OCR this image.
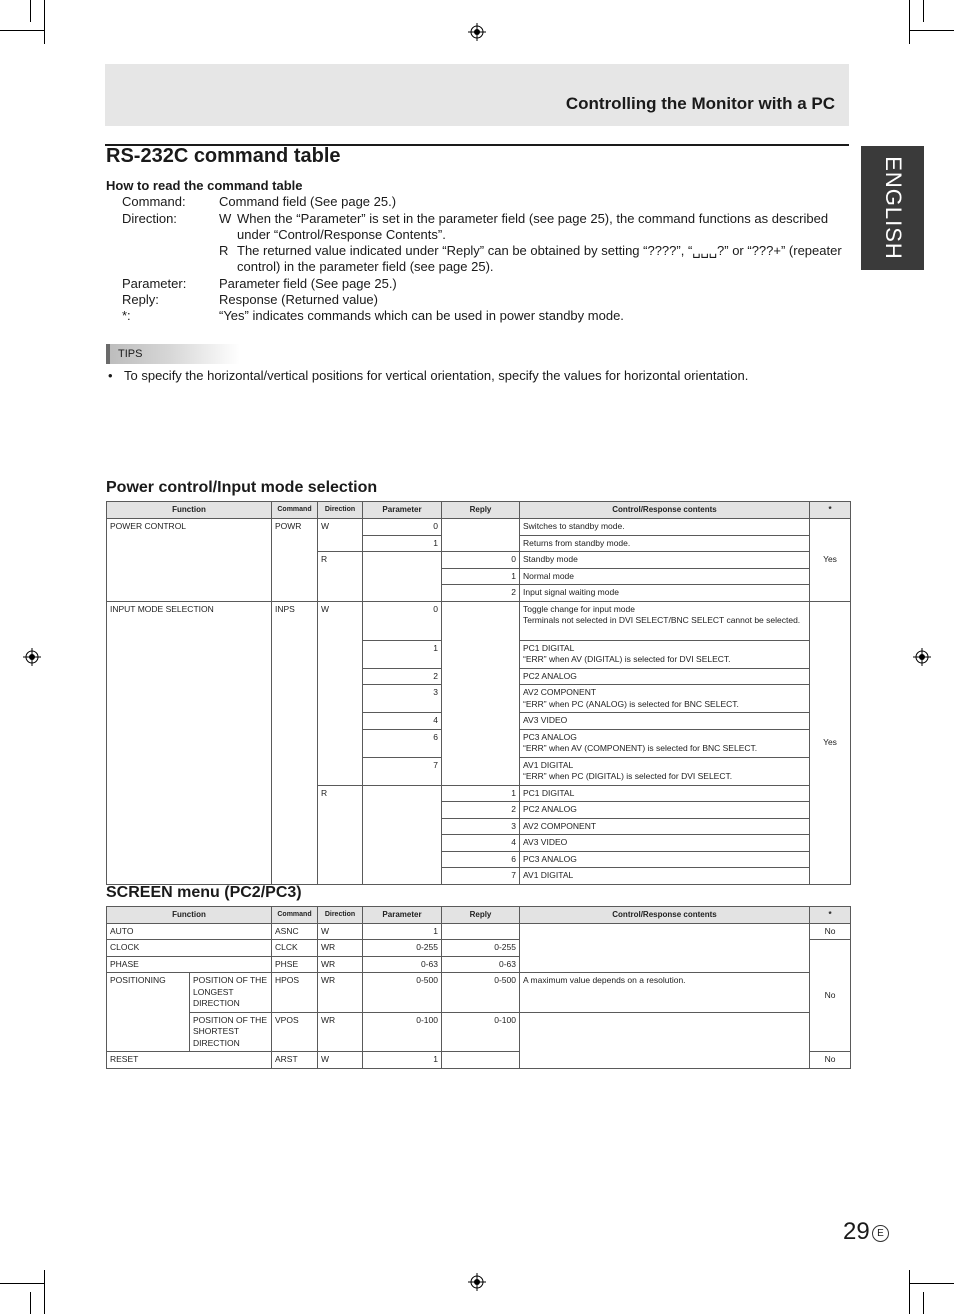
Controlling the Monitor with a PC
ENGLISH
RS-232C command table
How to read the command table
Command:	Command field (See page 25.)
Direction:	W When the “Parameter” is set in the parameter field (see page 25), the command functions as described under “Control/Response Contents”.
R The returned value indicated under “Reply” can be obtained by setting “????”, “␣␣␣?” or “???+” (repeater control) in the parameter field (see page 25).
Parameter:	Parameter field (See page 25.)
Reply:	Response (Returned value)
*:	“Yes” indicates commands which can be used in power standby mode.
TIPS
• To specify the horizontal/vertical positions for vertical orientation, specify the values for horizontal orientation.
Power control/Input mode selection
Function	Command	Direction	Parameter	Reply	Control/Response contents	*
POWER CONTROL	POWR	W	0		Switches to standby mode.	Yes
			1		Returns from standby mode.	
		R		0	Standby mode	
				1	Normal mode	
				2	Input signal waiting mode	
INPUT MODE SELECTION	INPS	W	0		Toggle change for input mode
Terminals not selected in DVI SELECT/BNC SELECT cannot be selected.	Yes
			1		PC1 DIGITAL
“ERR” when AV (DIGITAL) is selected for DVI SELECT.	

			2		PC2 ANALOG	
			3		AV2 COMPONENT
“ERR” when PC (ANALOG) is selected for BNC SELECT.	

			4		AV3 VIDEO	
			6		PC3 ANALOG
“ERR” when AV (COMPONENT) is selected for BNC SELECT.	

			7		AV1 DIGITAL
“ERR” when PC (DIGITAL) is selected for DVI SELECT.	

		R		1	PC1 DIGITAL	
				2	PC2 ANALOG	
				3	AV2 COMPONENT	
				4	AV3 VIDEO	
				6	PC3 ANALOG	
				7	AV1 DIGITAL	
SCREEN menu (PC2/PC3)
Function		Command	Direction	Parameter	Reply	Control/Response contents	*
AUTO		ASNC	W	1			No
CLOCK		CLCK	WR	0-255	0-255		No
PHASE		PHSE	WR	0-63	0-63		
POSITIONING	POSITION OF THE LONGEST DIRECTION	HPOS	WR	0-500	0-500	A maximum value depends on a resolution.	
	POSITION OF THE SHORTEST DIRECTION	VPOS	WR	0-100	0-100		
RESET		ARST	W	1			No
29 E
